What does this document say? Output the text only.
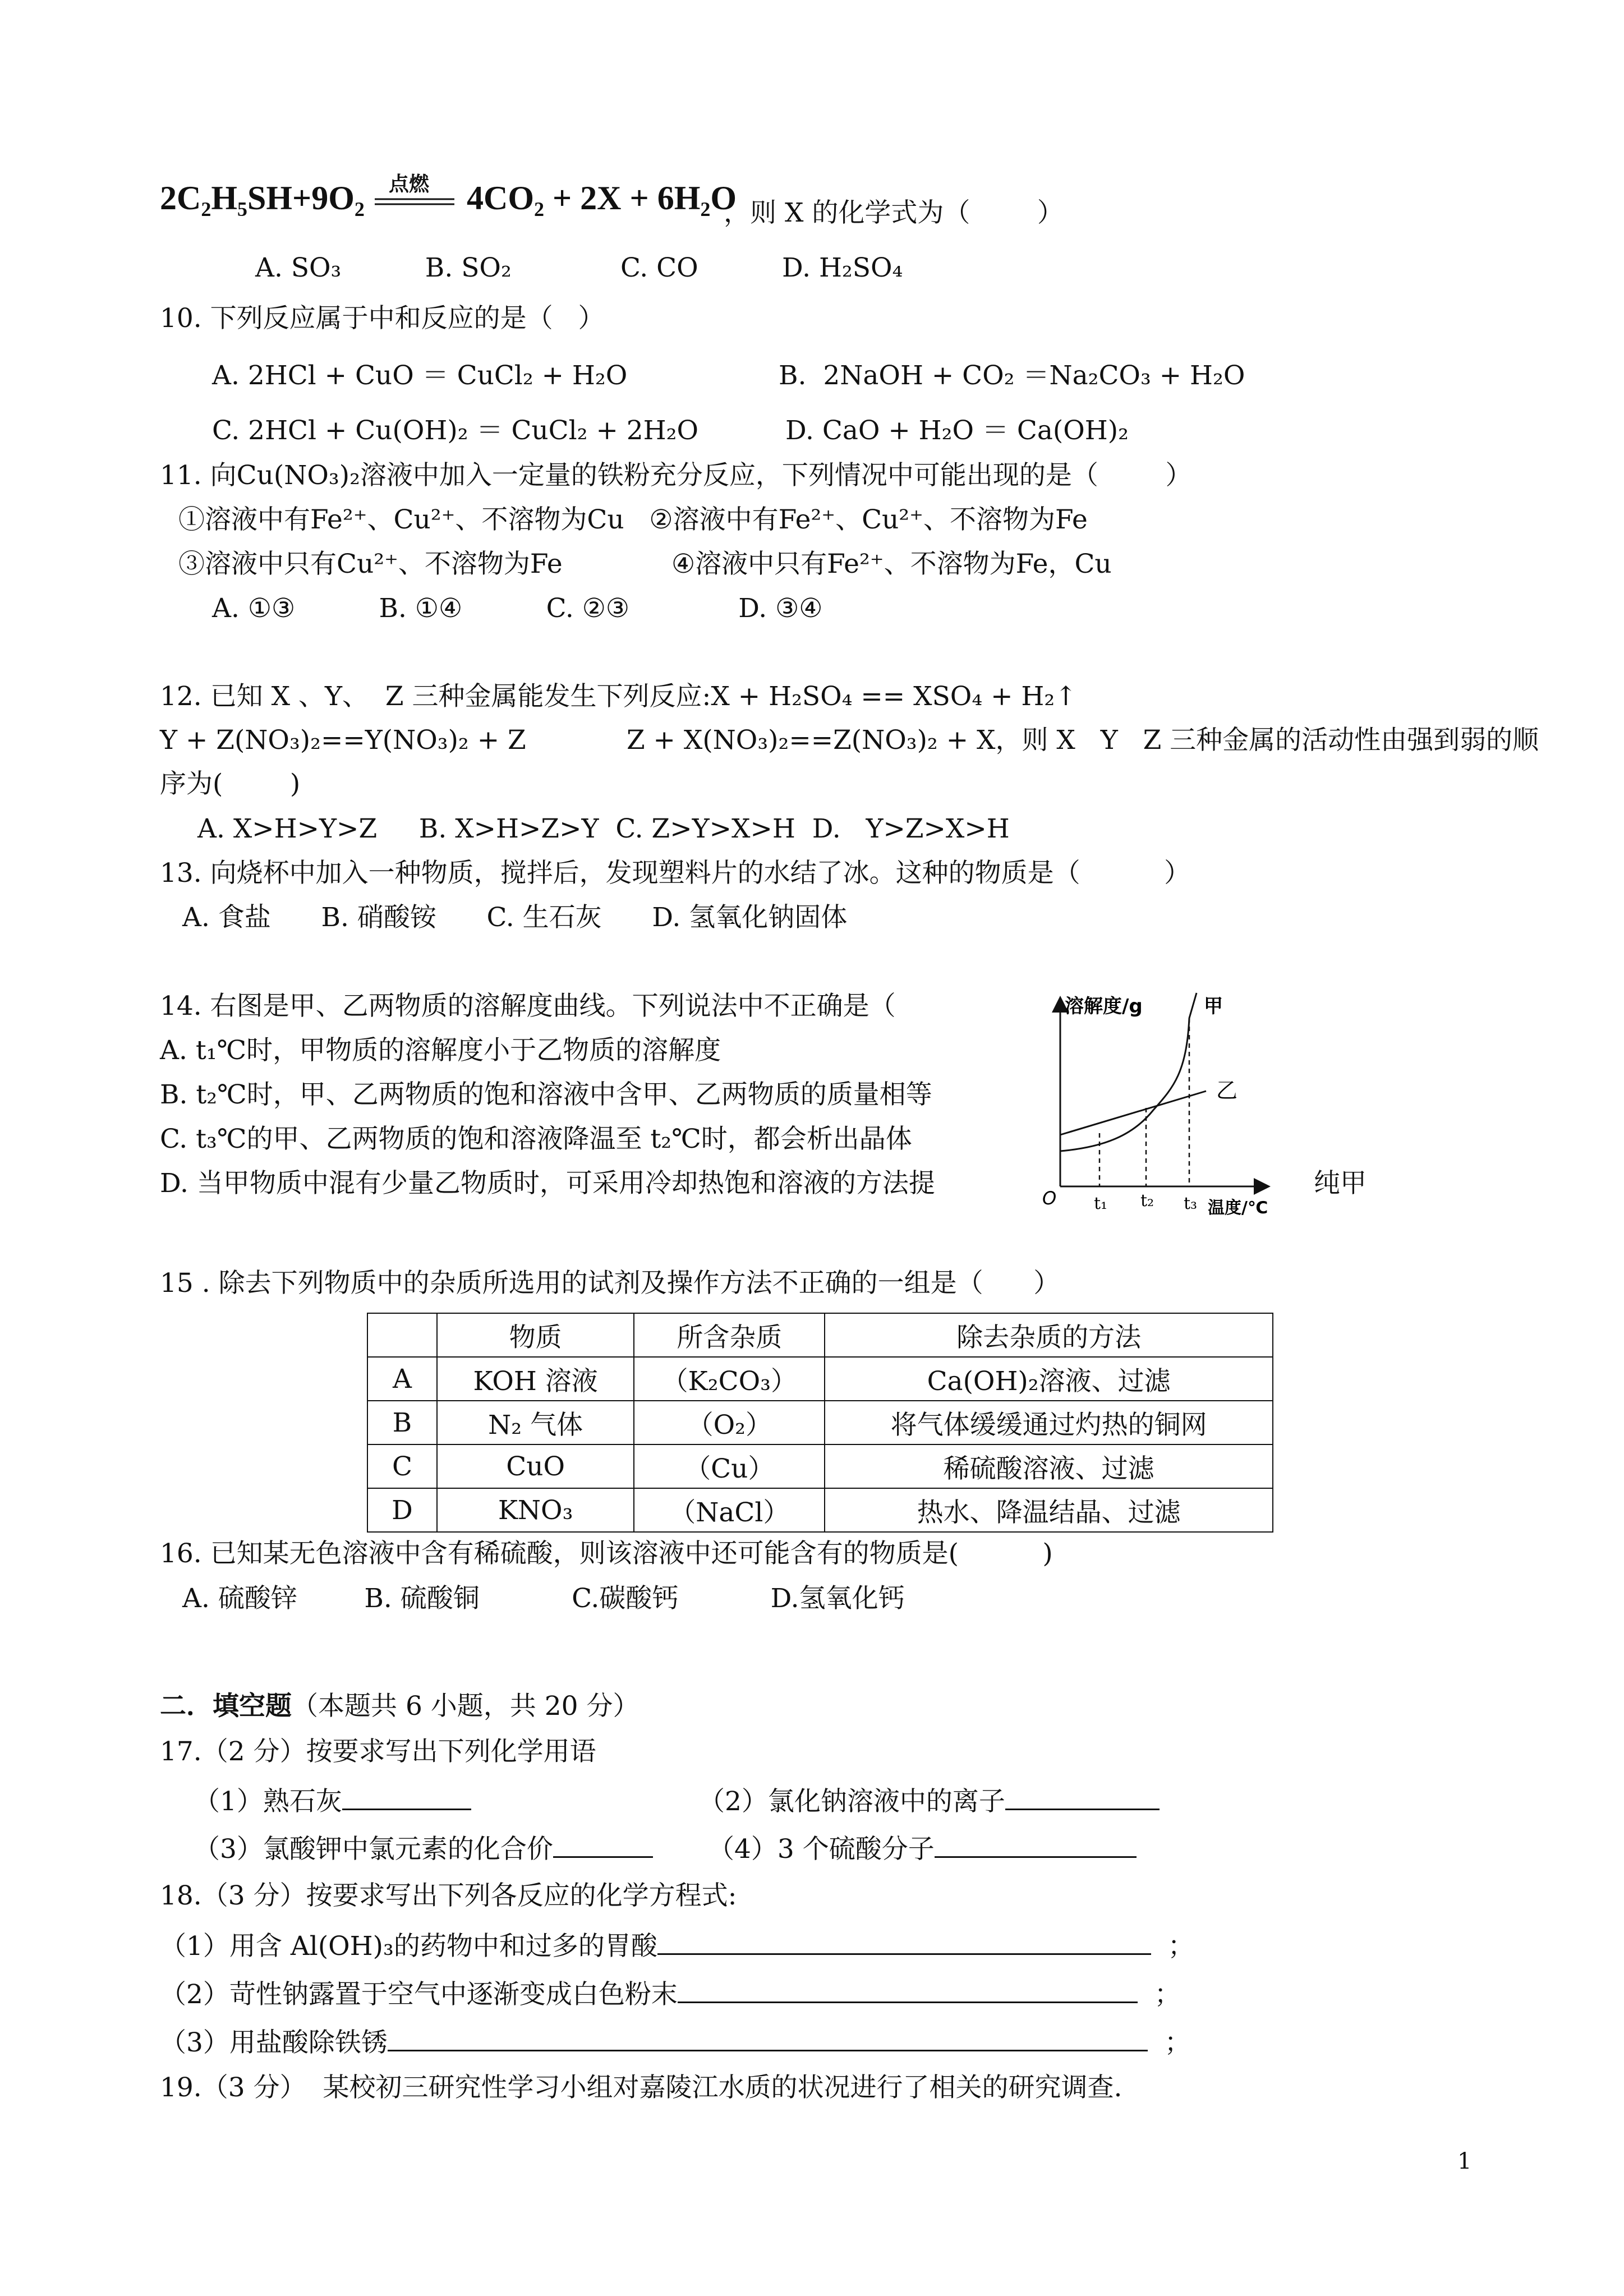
2C₂H₅SH+9O₂ 点燃 4CO₂ + 2X + 6H₂O
，则 X 的化学式为（        ）
A. SO₃          B. SO₂             C. CO          D. H₂SO₄
10. 下列反应属于中和反应的是（   ）
A. 2HCl + CuO ＝ CuCl₂ + H₂O	B.  2NaOH + CO₂ ＝Na₂CO₃ + H₂O
C. 2HCl + Cu(OH)₂ ＝ CuCl₂ + 2H₂O	D. CaO + H₂O ＝ Ca(OH)₂
11. 向Cu(NO₃)₂溶液中加入一定量的铁粉充分反应，下列情况中可能出现的是（        ）
①溶液中有Fe²⁺、Cu²⁺、不溶物为Cu   ②溶液中有Fe²⁺、Cu²⁺、不溶物为Fe
③溶液中只有Cu²⁺、不溶物为Fe             ④溶液中只有Fe²⁺、不溶物为Fe，Cu
A. ①③          B. ①④          C. ②③             D. ③④
12. 已知 X 、Y、  Z 三种金属能发生下列反应:X + H₂SO₄ == XSO₄ + H₂↑
Y + Z(NO₃)₂==Y(NO₃)₂ + Z            Z + X(NO₃)₂==Z(NO₃)₂ + X，则 X   Y   Z 三种金属的活动性由强到弱的顺
序为(        )
A. X>H>Y>Z     B. X>H>Z>Y  C. Z>Y>X>H  D.   Y>Z>X>H
13. 向烧杯中加入一种物质，搅拌后，发现塑料片的水结了冰。这种的物质是（          ）
A. 食盐      B. 硝酸铵      C. 生石灰      D. 氢氧化钠固体
14. 右图是甲、乙两物质的溶解度曲线。下列说法中不正确是（
A. t₁℃时，甲物质的溶解度小于乙物质的溶解度
B. t₂℃时，甲、乙两物质的饱和溶液中含甲、乙两物质的质量相等
C. t₃℃的甲、乙两物质的饱和溶液降温至 t₂℃时，都会析出晶体
D. 当甲物质中混有少量乙物质时，可采用冷却热饱和溶液的方法提	纯甲
溶解度/g	甲
乙
O t₁ t₂ t₃ 温度/℃
15 . 除去下列物质中的杂质所选用的试剂及操作方法不正确的一组是（      ）
	物质	所含杂质	除去杂质的方法
A	KOH 溶液	（K₂CO₃）	Ca(OH)₂溶液、过滤
B	N₂ 气体	（O₂）	将气体缓缓通过灼热的铜网
C	CuO	（Cu）	稀硫酸溶液、过滤
D	KNO₃	（NaCl）	热水、降温结晶、过滤
16. 已知某无色溶液中含有稀硫酸，则该溶液中还可能含有的物质是(          )
A. 硫酸锌        B. 硫酸铜           C.碳酸钙           D.氢氧化钙
二．填空题（本题共 6 小题，共 20 分）
17.（2 分）按要求写出下列化学用语
（1）熟石灰	（2）氯化钠溶液中的离子
（3）氯酸钾中氯元素的化合价	（4）3 个硫酸分子
18.（3 分）按要求写出下列各反应的化学方程式:
（1）用含 Al(OH)₃的药物中和过多的胃酸	；
（2）苛性钠露置于空气中逐渐变成白色粉末	；
（3）用盐酸除铁锈	；
19.（3 分）  某校初三研究性学习小组对嘉陵江水质的状况进行了相关的研究调查.
1
